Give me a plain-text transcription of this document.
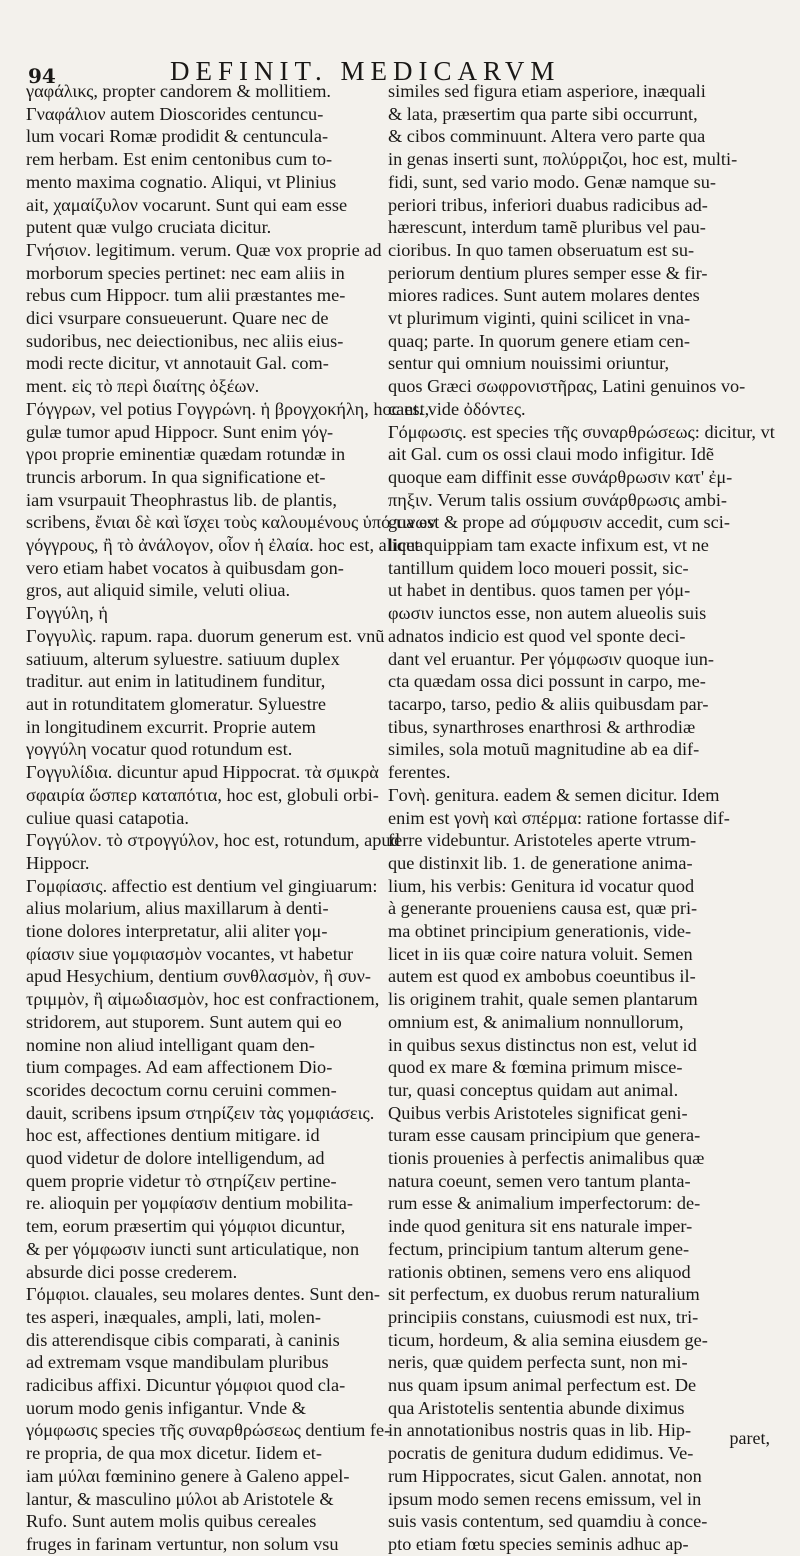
94	DEFINIT. MEDICARVM
γαφάλικς, propter candorem & mollitiem.
Γναφάλιον autem Dioscorides centuncu-
lum vocari Romæ prodidit & centuncula-
rem herbam. Est enim centonibus cum to-
mento maxima cognatio. Aliqui, vt Plinius
ait, χαμαίζυλον vocarunt. Sunt qui eam esse
putent quæ vulgo cruciata dicitur.
Γνήσιον. legitimum. verum. Quæ vox proprie ad
morborum species pertinet: nec eam aliis in
rebus cum Hippocr. tum alii præstantes me-
dici vsurpare consueuerunt. Quare nec de
sudoribus, nec deiectionibus, nec aliis eius-
modi recte dicitur, vt annotauit Gal. com-
ment. εἰς τὸ περὶ διαίτης ὀξέων.
Γόγγρων, vel potius Γογγρώνη. ἡ βρογχοκήλη, hoc est,
gulæ tumor apud Hippocr. Sunt enim γόγ-
γροι proprie eminentiæ quædam rotundæ in
truncis arborum. In qua significatione et-
iam vsurpauit Theophrastus lib. de plantis,
scribens, ἔνιαι δὲ καὶ ἴσχει τοὺς καλουμένους ὑπό τινων
γόγγρους, ἢ τὸ ἀνάλογον, οἷον ἡ ἐλαία. hoc est, aliqua
vero etiam habet vocatos à quibusdam gon-
gros, aut aliquid simile, veluti oliua.
Γογγύλη, ἡ
Γογγυλὶς. rapum. rapa. duorum generum est. vnũ
satiuum, alterum syluestre. satiuum duplex
traditur. aut enim in latitudinem funditur,
aut in rotunditatem glomeratur. Syluestre
in longitudinem excurrit. Proprie autem
γογγύλη vocatur quod rotundum est.
Γογγυλίδια. dicuntur apud Hippocrat. τὰ σμικρὰ
σφαιρία ὥσπερ καταπότια, hoc est, globuli orbi-
culiue quasi catapotia.
Γογγύλον. τὸ στρογγύλον, hoc est, rotundum, apud
Hippocr.
Γομφίασις. affectio est dentium vel gingiuarum:
alius molarium, alius maxillarum à denti-
tione dolores interpretatur, alii aliter γομ-
φίασιν siue γομφιασμὸν vocantes, vt habetur
apud Hesychium, dentium συνθλασμὸν, ἢ συν-
τριμμὸν, ἢ αἱμωδιασμὸν, hoc est confractionem,
stridorem, aut stuporem. Sunt autem qui eo
nomine non aliud intelligant quam den-
tium compages. Ad eam affectionem Dio-
scorides decoctum cornu ceruini commen-
dauit, scribens ipsum στηρίζειν τὰς γομφιάσεις.
hoc est, affectiones dentium mitigare. id
quod videtur de dolore intelligendum, ad
quem proprie videtur τὸ στηρίζειν pertine-
re. alioquin per γομφίασιν dentium mobilita-
tem, eorum præsertim qui γόμφιοι dicuntur,
& per γόμφωσιν iuncti sunt articulatique, non
absurde dici posse crederem.
Γόμφιοι. clauales, seu molares dentes. Sunt den-
tes asperi, inæquales, ampli, lati, molen-
dis atterendisque cibis comparati, à caninis
ad extremam vsque mandibulam pluribus
radicibus affixi. Dicuntur γόμφιοι quod cla-
uorum modo genis infigantur. Vnde &
γόμφωσις species τῆς συναρθρώσεως dentium fe-
re propria, de qua mox dicetur. Iidem et-
iam μύλαι fœminino genere à Galeno appel-
lantur, & masculino μύλοι ab Aristotele &
Rufo. Sunt autem molis quibus cereales
fruges in farinam vertuntur, non solum vsu
similes sed figura etiam asperiore, inæquali
& lata, præsertim qua parte sibi occurrunt,
& cibos comminuunt. Altera vero parte qua
in genas inserti sunt, πολύρριζοι, hoc est, multi-
fidi, sunt, sed vario modo. Genæ namque su-
periori tribus, inferiori duabus radicibus ad-
hærescunt, interdum tamẽ pluribus vel pau-
cioribus. In quo tamen obseruatum est su-
periorum dentium plures semper esse & fir-
miores radices. Sunt autem molares dentes
vt plurimum viginti, quini scilicet in vna-
quaq; parte. In quorum genere etiam cen-
sentur qui omnium nouissimi oriuntur,
quos Græci σωφρονιστῆρας, Latini genuinos vo-
cant. vide ὀδόντες.
Γόμφωσις. est species τῆς συναρθρώσεως: dicitur, vt
ait Gal. cum os ossi claui modo infigitur. Idẽ
quoque eam diffinit esse συνάρθρωσιν κατ' ἐμ-
πηξιν. Verum talis ossium συνάρθρωσις ambi-
gua est & prope ad σύμφυσιν accedit, cum sci-
licet quippiam tam exacte infixum est, vt ne
tantillum quidem loco moueri possit, sic-
ut habet in dentibus. quos tamen per γόμ-
φωσιν iunctos esse, non autem alueolis suis
adnatos indicio est quod vel sponte deci-
dant vel eruantur. Per γόμφωσιν quoque iun-
cta quædam ossa dici possunt in carpo, me-
tacarpo, tarso, pedio & aliis quibusdam par-
tibus, synarthroses enarthrosi & arthrodiæ
similes, sola motuũ magnitudine ab ea dif-
ferentes.
Γονὴ. genitura. eadem & semen dicitur. Idem
enim est γονὴ καὶ σπέρμα: ratione fortasse dif-
ferre videbuntur. Aristoteles aperte vtrum-
que distinxit lib. 1. de generatione anima-
lium, his verbis: Genitura id vocatur quod
à generante proueniens causa est, quæ pri-
ma obtinet principium generationis, vide-
licet in iis quæ coire natura voluit. Semen
autem est quod ex ambobus coeuntibus il-
lis originem trahit, quale semen plantarum
omnium est, & animalium nonnullorum,
in quibus sexus distinctus non est, velut id
quod ex mare & fœmina primum misce-
tur, quasi conceptus quidam aut animal.
Quibus verbis Aristoteles significat geni-
turam esse causam principium que genera-
tionis prouenies à perfectis animalibus quæ
natura coeunt, semen vero tantum planta-
rum esse & animalium imperfectorum: de-
inde quod genitura sit ens naturale imper-
fectum, principium tantum alterum gene-
rationis obtinen, semens vero ens aliquod
sit perfectum, ex duobus rerum naturalium
principiis constans, cuiusmodi est nux, tri-
ticum, hordeum, & alia semina eiusdem ge-
neris, quæ quidem perfecta sunt, non mi-
nus quam ipsum animal perfectum est. De
qua Aristotelis sententia abunde diximus
in annotationibus nostris quas in lib. Hip-
pocratis de genitura dudum edidimus. Ve-
rum Hippocrates, sicut Galen. annotat, non
ipsum modo semen recens emissum, vel in
suis vasis contentum, sed quamdiu à conce-
pto etiam fœtu species seminis adhuc ap-
paret,
